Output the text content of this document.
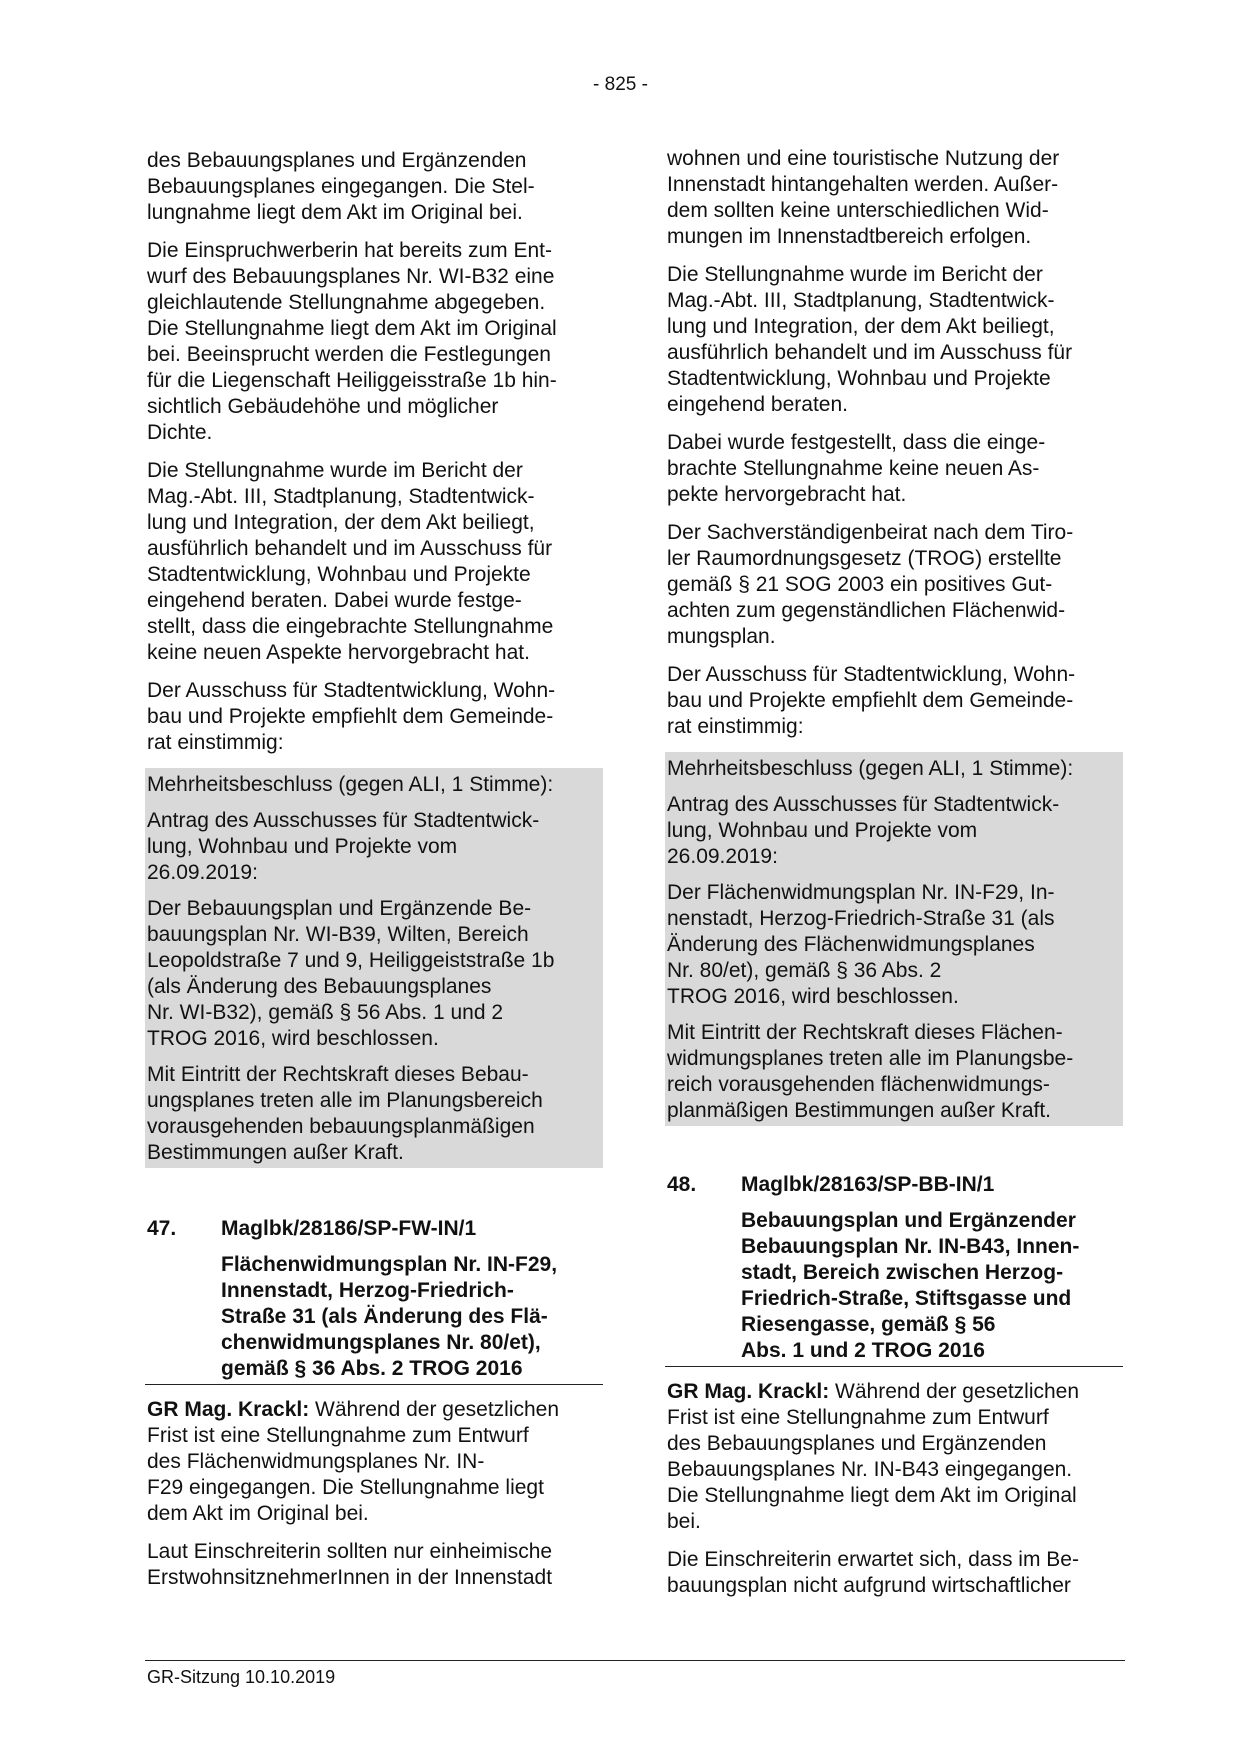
- 825 -

des Bebauungsplanes und Ergänzenden
Bebauungsplanes eingegangen. Die Stel-
lungnahme liegt dem Akt im Original bei.

Die Einspruchwerberin hat bereits zum Ent-
wurf des Bebauungsplanes Nr. WI-B32 eine
gleichlautende Stellungnahme abgegeben.
Die Stellungnahme liegt dem Akt im Original
bei. Beeinsprucht werden die Festlegungen
für die Liegenschaft Heiliggeisstraße 1b hin-
sichtlich Gebäudehöhe und möglicher
Dichte.

Die Stellungnahme wurde im Bericht der
Mag.-Abt. III, Stadtplanung, Stadtentwick-
lung und Integration, der dem Akt beiliegt,
ausführlich behandelt und im Ausschuss für
Stadtentwicklung, Wohnbau und Projekte
eingehend beraten. Dabei wurde festge-
stellt, dass die eingebrachte Stellungnahme
keine neuen Aspekte hervorgebracht hat.

Der Ausschuss für Stadtentwicklung, Wohn-
bau und Projekte empfiehlt dem Gemeinde-
rat einstimmig:

Mehrheitsbeschluss (gegen ALI, 1 Stimme):

Antrag des Ausschusses für Stadtentwick-
lung, Wohnbau und Projekte vom
26.09.2019:

Der Bebauungsplan und Ergänzende Be-
bauungsplan Nr. WI-B39, Wilten, Bereich
Leopoldstraße 7 und 9, Heiliggeiststraße 1b
(als Änderung des Bebauungsplanes
Nr. WI-B32), gemäß § 56 Abs. 1 und 2
TROG 2016, wird beschlossen.

Mit Eintritt der Rechtskraft dieses Bebau-
ungsplanes treten alle im Planungsbereich
vorausgehenden bebauungsplanmäßigen
Bestimmungen außer Kraft.

47.	Maglbk/28186/SP-FW-IN/1
Flächenwidmungsplan Nr. IN-F29,
Innenstadt, Herzog-Friedrich-
Straße 31 (als Änderung des Flä-
chenwidmungsplanes Nr. 80/et),
gemäß § 36 Abs. 2 TROG 2016

GR Mag. Krackl: Während der gesetzlichen
Frist ist eine Stellungnahme zum Entwurf
des Flächenwidmungsplanes Nr. IN-
F29 eingegangen. Die Stellungnahme liegt
dem Akt im Original bei.

Laut Einschreiterin sollten nur einheimische
ErstwohnsitznehmerInnen in der Innenstadt

wohnen und eine touristische Nutzung der
Innenstadt hintangehalten werden. Außer-
dem sollten keine unterschiedlichen Wid-
mungen im Innenstadtbereich erfolgen.

Die Stellungnahme wurde im Bericht der
Mag.-Abt. III, Stadtplanung, Stadtentwick-
lung und Integration, der dem Akt beiliegt,
ausführlich behandelt und im Ausschuss für
Stadtentwicklung, Wohnbau und Projekte
eingehend beraten.

Dabei wurde festgestellt, dass die einge-
brachte Stellungnahme keine neuen As-
pekte hervorgebracht hat.

Der Sachverständigenbeirat nach dem Tiro-
ler Raumordnungsgesetz (TROG) erstellte
gemäß § 21 SOG 2003 ein positives Gut-
achten zum gegenständlichen Flächenwid-
mungsplan.

Der Ausschuss für Stadtentwicklung, Wohn-
bau und Projekte empfiehlt dem Gemeinde-
rat einstimmig:

Mehrheitsbeschluss (gegen ALI, 1 Stimme):

Antrag des Ausschusses für Stadtentwick-
lung, Wohnbau und Projekte vom
26.09.2019:

Der Flächenwidmungsplan Nr. IN-F29, In-
nenstadt, Herzog-Friedrich-Straße 31 (als
Änderung des Flächenwidmungsplanes
Nr. 80/et), gemäß § 36 Abs. 2
TROG 2016, wird beschlossen.

Mit Eintritt der Rechtskraft dieses Flächen-
widmungsplanes treten alle im Planungsbe-
reich vorausgehenden flächenwidmungs-
planmäßigen Bestimmungen außer Kraft.

48.	Maglbk/28163/SP-BB-IN/1
Bebauungsplan und Ergänzender
Bebauungsplan Nr. IN-B43, Innen-
stadt, Bereich zwischen Herzog-
Friedrich-Straße, Stiftsgasse und
Riesengasse, gemäß § 56
Abs. 1 und 2 TROG 2016

GR Mag. Krackl: Während der gesetzlichen
Frist ist eine Stellungnahme zum Entwurf
des Bebauungsplanes und Ergänzenden
Bebauungsplanes Nr. IN-B43 eingegangen.
Die Stellungnahme liegt dem Akt im Original
bei.

Die Einschreiterin erwartet sich, dass im Be-
bauungsplan nicht aufgrund wirtschaftlicher

GR-Sitzung 10.10.2019
